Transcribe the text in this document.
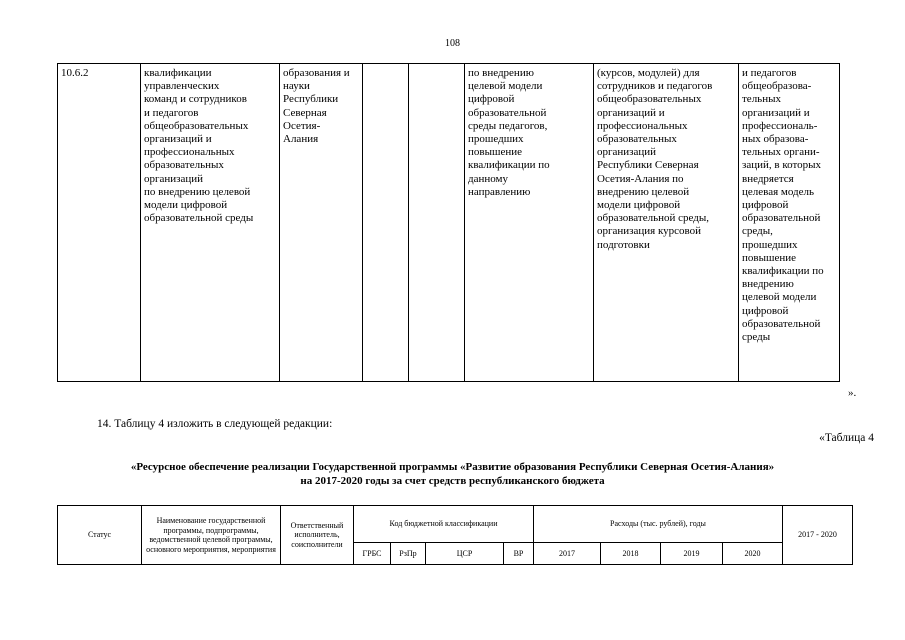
108
10.6.2	квалификации
управленческих
команд и сотрудников
и педагогов
общеобразовательных
организаций и
профессиональных
образовательных
организаций
по внедрению целевой
модели цифровой
образовательной среды	образования и
науки
Республики
Северная
Осетия-
Алания			по внедрению
целевой модели
цифровой
образовательной
среды педагогов,
прошедших
повышение
квалификации по
данному
направлению	(курсов, модулей) для
сотрудников и педагогов
общеобразовательных
организаций и
профессиональных
образовательных
организаций
Республики Северная
Осетия-Алания по
внедрению целевой
модели цифровой
образовательной среды,
организация курсовой
подготовки	и педагогов
общеобразова-
тельных
организаций и
профессиональ-
ных образова-
тельных органи-
заций, в которых
внедряется
целевая модель
цифровой
образовательной
среды,
прошедших
повышение
квалификации по
внедрению
целевой модели
цифровой
образовательной
среды
».
14. Таблицу 4 изложить в следующей редакции:
«Таблица 4
«Ресурсное обеспечение реализации Государственной программы «Развитие образования Республики Северная Осетия-Алания»
на 2017-2020 годы за счет средств республиканского бюджета
Статус	Наименование государственной программы, подпрограммы, ведомственной целевой программы, основного мероприятия, мероприятия	Ответственный исполнитель, соисполнители	Код бюджетной классификации				Расходы (тыс. рублей), годы				2017 - 2020
			ГРБС	РзПр	ЦСР	ВР	2017	2018	2019	2020	
